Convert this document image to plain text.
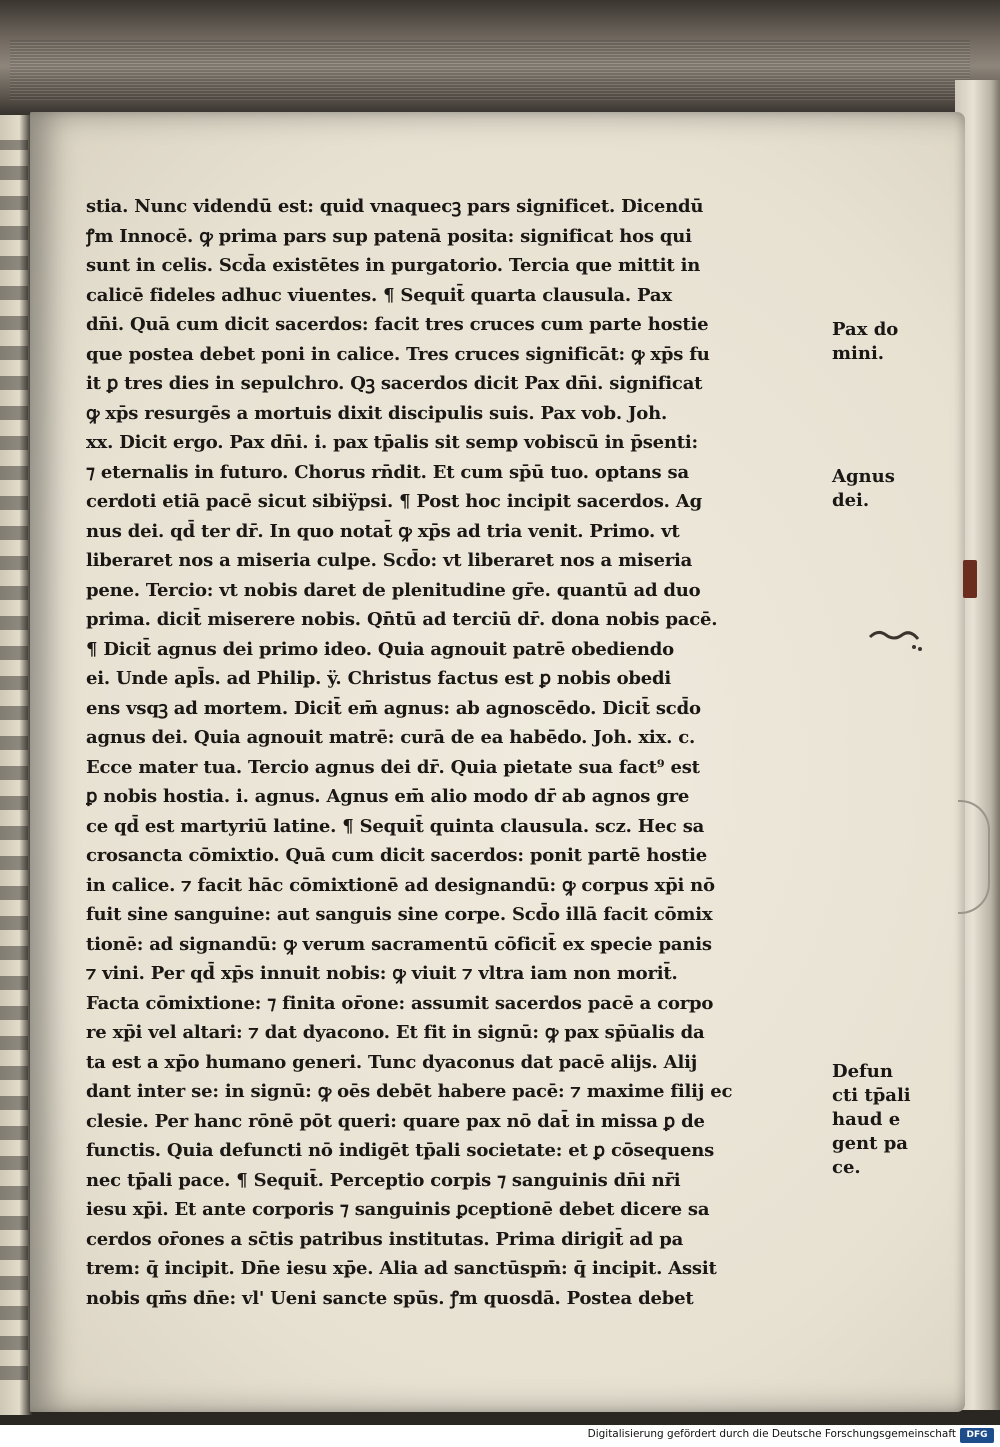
stia. Nunc videndū est: quid vnaquecꝫ pars significet. Dicendū
ꝭm Innocē. ꝙ prima pars sup patenā posita: significat hos qui
sunt in celis. Scd̄a existētes in purgatorio. Tercia que mittit in
calicē fideles adhuc viuentes. ¶ Sequit̄ quarta clausula. Pax
dn̄i. Quā cum dicit sacerdos: facit tres cruces cum parte hostie
que postea debet poni in calice. Tres cruces significāt: ꝙ xp̄s fu
it ꝑ tres dies in sepulchro. Qꝫ sacerdos dicit Pax dn̄i. significat
ꝙ xp̄s resurgēs a mortuis dixit discipulis suis. Pax vob. Joh.
xx. Dicit ergo. Pax dn̄i. i. pax tp̄alis sit semp vobiscū in p̄senti:
⁊ eternalis in futuro. Chorus rn̄dit. Et cum sp̄ū tuo. optans sa
cerdoti etiā pacē sicut sibiÿpsi. ¶ Post hoc incipit sacerdos. Ag
nus dei. qd̄ ter dr̄. In quo notat̄ ꝙ xp̄s ad tria venit. Primo. vt
liberaret nos a miseria culpe. Scd̄o: vt liberaret nos a miseria
pene. Tercio: vt nobis daret de plenitudine gr̄e. quantū ad duo
prima. dicit̄ miserere nobis. Qn̄tū ad terciū dr̄. dona nobis pacē.
¶ Dicit̄ agnus dei primo ideo. Quia agnouit patrē obediendo
ei. Unde apl̄s. ad Philip. ÿ. Christus factus est ꝑ nobis obedi
ens vsqꝫ ad mortem. Dicit̄ em̄ agnus: ab agnoscēdo. Dicit̄ scd̄o
agnus dei. Quia agnouit matrē: curā de ea habēdo. Joh. xix. c.
Ecce mater tua. Tercio agnus dei dr̄. Quia pietate sua fact⁹ est
ꝑ nobis hostia. i. agnus. Agnus em̄ alio modo dr̄ ab agnos gre
ce qd̄ est martyriū latine. ¶ Sequit̄ quinta clausula. scz. Hec sa
crosancta cōmixtio. Quā cum dicit sacerdos: ponit partē hostie
in calice. ⁊ facit hāc cōmixtionē ad designandū: ꝙ corpus xp̄i nō
fuit sine sanguine: aut sanguis sine corpe. Scd̄o illā facit cōmix
tionē: ad signandū: ꝙ verum sacramentū cōficit̄ ex specie panis
⁊ vini. Per qd̄ xp̄s innuit nobis: ꝙ viuit ⁊ vltra iam non morit̄.
Facta cōmixtione: ⁊ finita or̄one: assumit sacerdos pacē a corpo
re xp̄i vel altari: ⁊ dat dyacono. Et fit in signū: ꝙ pax sp̄ūalis da
ta est a xp̄o humano generi. Tunc dyaconus dat pacē alijs. Alij
dant inter se: in signū: ꝙ oēs debēt habere pacē: ⁊ maxime filij ec
clesie. Per hanc rōnē pōt queri: quare pax nō dat̄ in missa ꝑ de
functis. Quia defuncti nō indigēt tp̄ali societate: et ꝑ cōsequens
nec tp̄ali pace. ¶ Sequit̄. Perceptio corpis ⁊ sanguinis dn̄i nr̄i
iesu xp̄i. Et ante corporis ⁊ sanguinis ꝑceptionē debet dicere sa
cerdos or̄ones a sc̄tis patribus institutas. Prima dirigit̄ ad pa
trem: q̄ incipit. Dn̄e iesu xp̄e. Alia ad sanctūspm̄: q̄ incipit. Assit
nobis qm̄s dn̄e: vl' Ueni sancte spūs. ꝭm quosdā. Postea debet
Pax do
mini.
Agnus
dei.
Defun
cti tp̄ali
haud e
gent pa
ce.
Digitalisierung gefördert durch die Deutsche Forschungsgemeinschaft	DFG
